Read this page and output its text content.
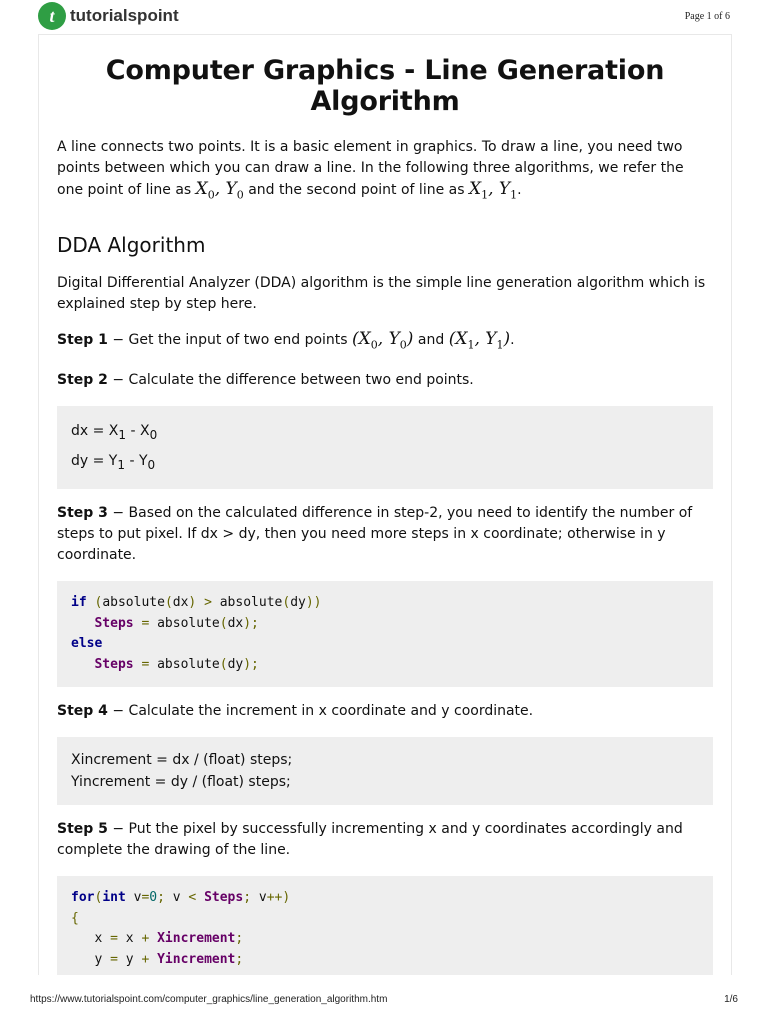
t tutorialspoint	Page 1 of 6
Computer Graphics - Line Generation Algorithm

A line connects two points. It is a basic element in graphics. To draw a line, you need two points between which you can draw a line. In the following three algorithms, we refer the one point of line as $X_0$, $Y_0$ and the second point of line as $X_1$, $Y_1$.

DDA Algorithm

Digital Differential Analyzer (DDA) algorithm is the simple line generation algorithm which is explained step by step here.

Step 1 − Get the input of two end points ($X_0$, $Y_0$) and ($X_1$, $Y_1$).

Step 2 − Calculate the difference between two end points.

dx = $X_1 - X_0$
dy = $Y_1 - Y_0$

Step 3 − Based on the calculated difference in step-2, you need to identify the number of steps to put pixel. If dx > dy, then you need more steps in x coordinate; otherwise in y coordinate.

if (absolute(dx) > absolute(dy))
Steps = absolute(dx);
else
Steps = absolute(dy);

Step 4 − Calculate the increment in x coordinate and y coordinate.

Xincrement = dx / (float) steps;
Yincrement = dy / (float) steps;

Step 5 − Put the pixel by successfully incrementing x and y coordinates accordingly and complete the drawing of the line.

for(int v=0; v < Steps; v++)
{
x = x + Xincrement;
y = y + Yincrement;
https://www.tutorialspoint.com/computer_graphics/line_generation_algorithm.htm	1/6
